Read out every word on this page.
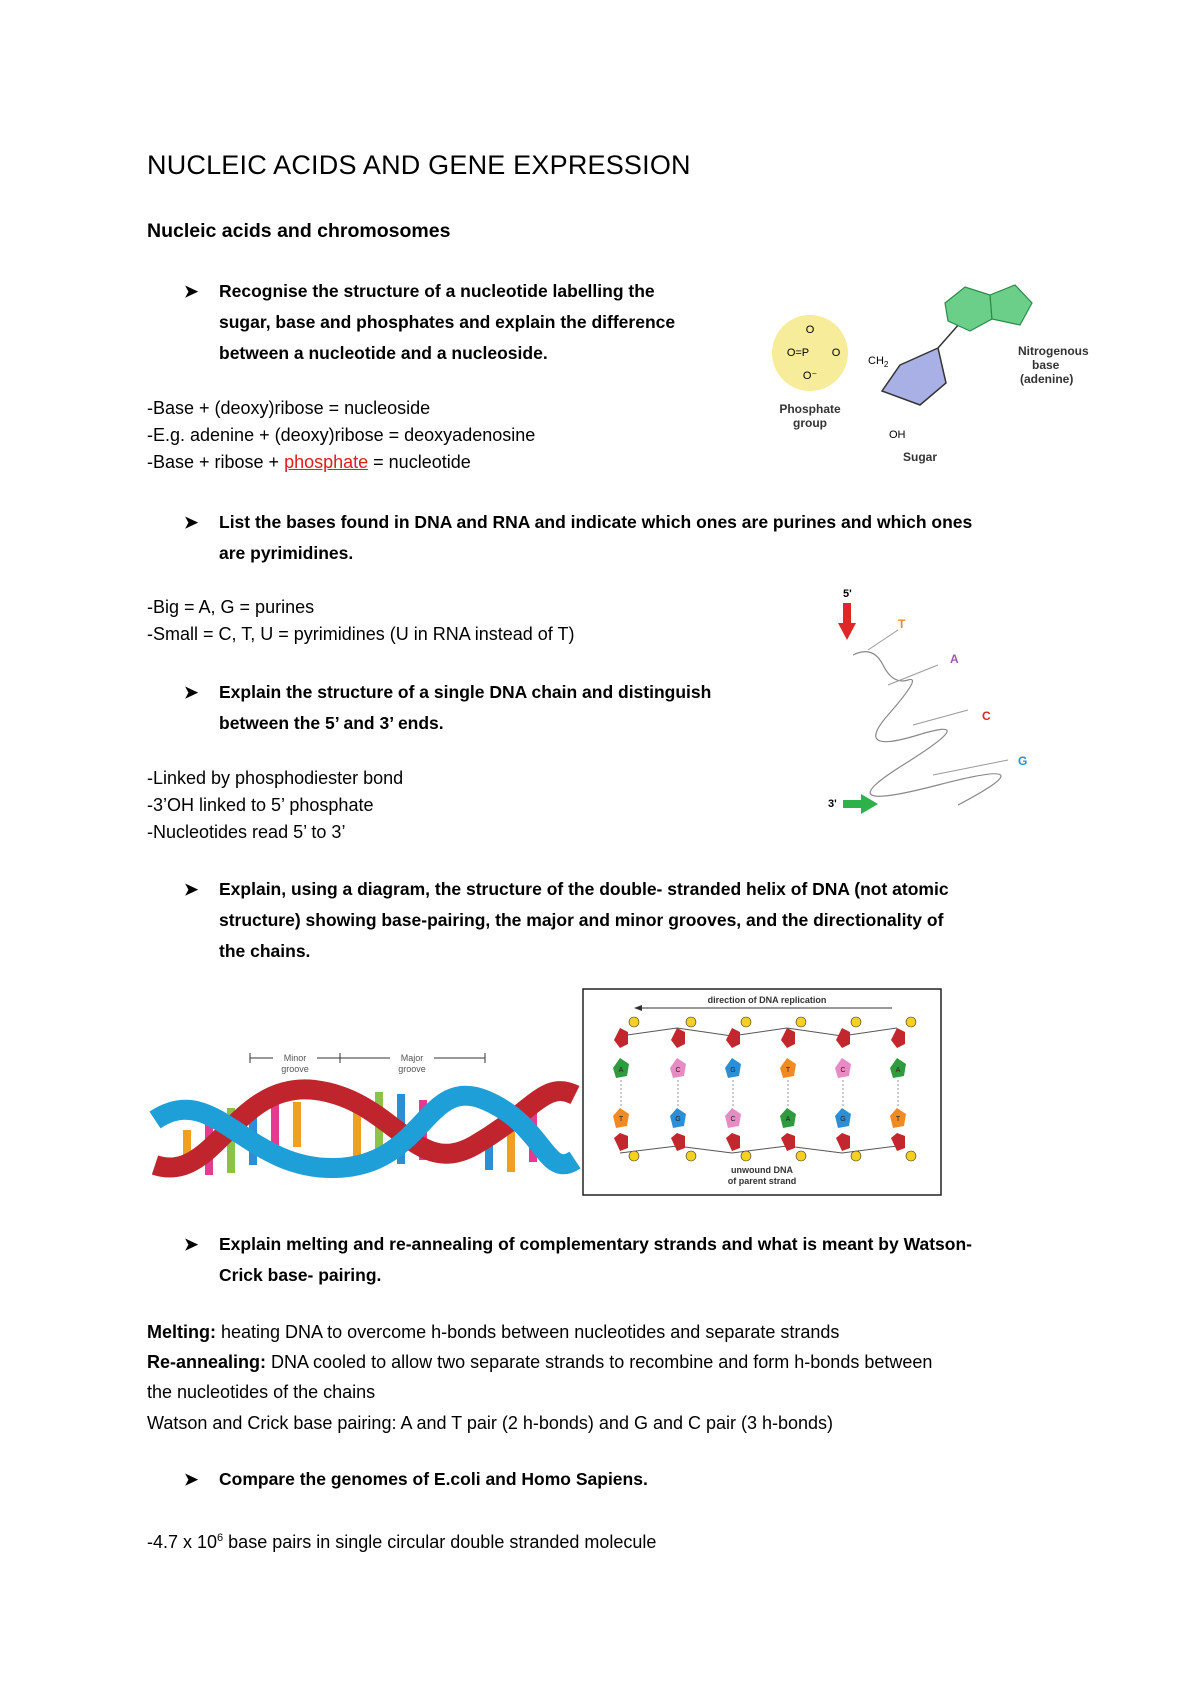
NUCLEIC ACIDS AND GENE EXPRESSION
Nucleic acids and chromosomes
➤ Recognise the structure of a nucleotide labelling the
sugar, base and phosphates and explain the difference
between a nucleotide and a nucleoside.
-Base + (deoxy)ribose = nucleoside
-E.g. adenine + (deoxy)ribose = deoxyadenosine
-Base + ribose + phosphate = nucleotide
O
O=P O
O⁻
Phosphate
group
$CH_2$
OH
Sugar
Nitrogenous
base
(adenine)
➤ List the bases found in DNA and RNA and indicate which ones are purines and which ones
are pyrimidines.
-Big = A, G = purines
-Small = C, T, U = pyrimidines (U in RNA instead of T)
5'
T
A
C
G
3'
➤ Explain the structure of a single DNA chain and distinguish
between the 5’ and 3’ ends.
-Linked by phosphodiester bond
-3’OH linked to 5’ phosphate
-Nucleotides read 5’ to 3’
➤ Explain, using a diagram, the structure of the double- stranded helix of DNA (not atomic
structure) showing base-pairing, the major and minor grooves, and the directionality of
the chains.
Minor
groove
Major
groove
direction of DNA replication
A
T
C
G
G
C
T
A
C
G
A
T
unwound DNA
of parent strand
➤ Explain melting and re-annealing of complementary strands and what is meant by Watson-
Crick base- pairing.
Melting: heating DNA to overcome h-bonds between nucleotides and separate strands
Re-annealing: DNA cooled to allow two separate strands to recombine and form h-bonds between
the nucleotides of the chains
Watson and Crick base pairing: A and T pair (2 h-bonds) and G and C pair (3 h-bonds)
➤ Compare the genomes of E.coli and Homo Sapiens.
-4.7 x $10^6$ base pairs in single circular double stranded molecule
